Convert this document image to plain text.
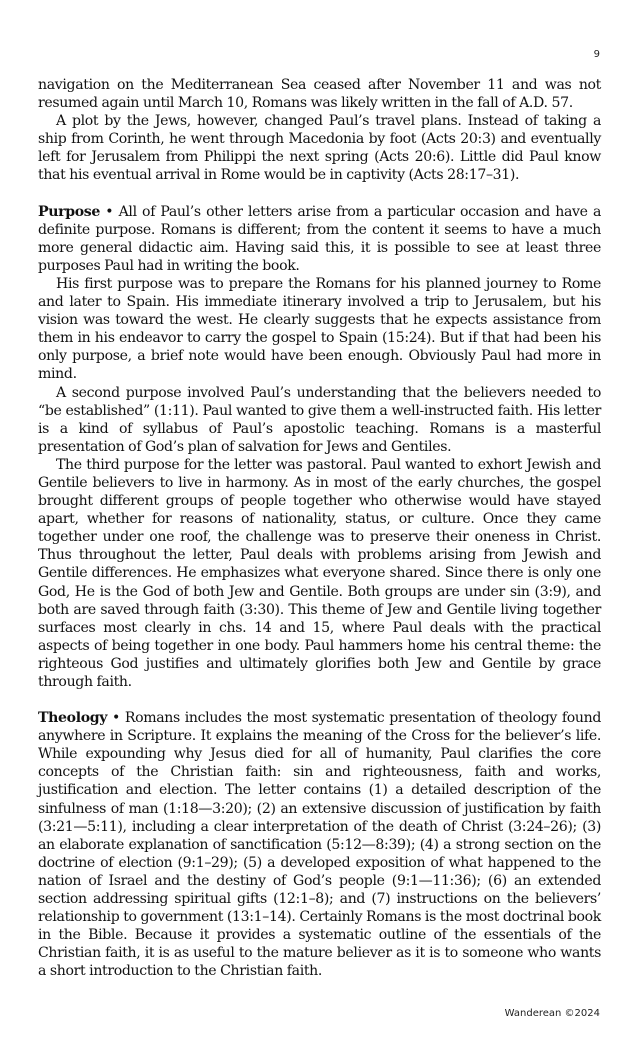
9

navigation on the Mediterranean Sea ceased after November 11 and was not resumed again until March 10, Romans was likely written in the fall of A.D. 57.

A plot by the Jews, however, changed Paul’s travel plans. Instead of taking a ship from Corinth, he went through Macedonia by foot (Acts 20:3) and eventually left for Jerusalem from Philippi the next spring (Acts 20:6). Little did Paul know that his eventual arrival in Rome would be in captivity (Acts 28:17–31).

Purpose • All of Paul’s other letters arise from a particular occasion and have a definite purpose. Romans is different; from the content it seems to have a much more general didactic aim. Having said this, it is possible to see at least three purposes Paul had in writing the book.

His first purpose was to prepare the Romans for his planned journey to Rome and later to Spain. His immediate itinerary involved a trip to Jerusalem, but his vision was toward the west. He clearly suggests that he expects assistance from them in his endeavor to carry the gospel to Spain (15:24). But if that had been his only purpose, a brief note would have been enough. Obviously Paul had more in mind.

A second purpose involved Paul’s understanding that the believers needed to “be established” (1:11). Paul wanted to give them a well-instructed faith. His letter is a kind of syllabus of Paul’s apostolic teaching. Romans is a masterful presentation of God’s plan of salvation for Jews and Gentiles.

The third purpose for the letter was pastoral. Paul wanted to exhort Jewish and Gentile believers to live in harmony. As in most of the early churches, the gospel brought different groups of people together who otherwise would have stayed apart, whether for reasons of nationality, status, or culture. Once they came together under one roof, the challenge was to preserve their oneness in Christ. Thus throughout the letter, Paul deals with problems arising from Jewish and Gentile differences. He emphasizes what everyone shared. Since there is only one God, He is the God of both Jew and Gentile. Both groups are under sin (3:9), and both are saved through faith (3:30). This theme of Jew and Gentile living together surfaces most clearly in chs. 14 and 15, where Paul deals with the practical aspects of being together in one body. Paul hammers home his central theme: the righteous God justifies and ultimately glorifies both Jew and Gentile by grace through faith.

Theology • Romans includes the most systematic presentation of theology found anywhere in Scripture. It explains the meaning of the Cross for the believer’s life. While expounding why Jesus died for all of humanity, Paul clarifies the core concepts of the Christian faith: sin and righteousness, faith and works, justification and election. The letter contains (1) a detailed description of the sinfulness of man (1:18—3:20); (2) an extensive discussion of justification by faith (3:21—5:11), including a clear interpretation of the death of Christ (3:24–26); (3) an elaborate explanation of sanctification (5:12—8:39); (4) a strong section on the doctrine of election (9:1–29); (5) a developed exposition of what happened to the nation of Israel and the destiny of God’s people (9:1—11:36); (6) an extended section addressing spiritual gifts (12:1–8); and (7) instructions on the believers’ relationship to government (13:1–14). Certainly Romans is the most doctrinal book in the Bible. Because it provides a systematic outline of the essentials of the Christian faith, it is as useful to the mature believer as it is to someone who wants a short introduction to the Christian faith.

Wanderean ©2024
